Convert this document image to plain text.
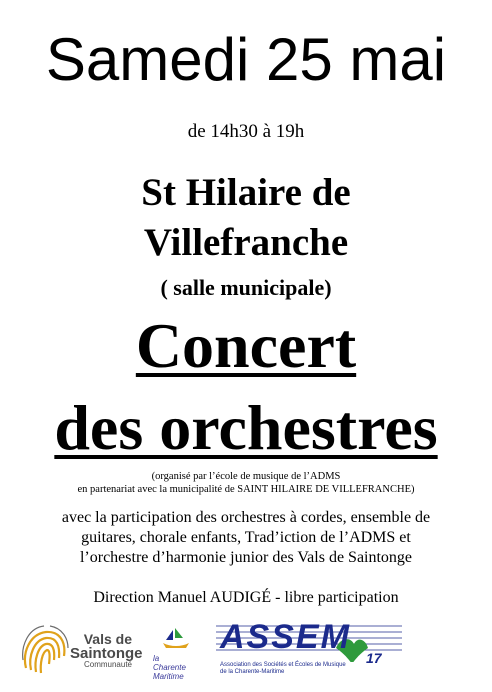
Samedi 25 mai
de 14h30 à 19h
St Hilaire de
Villefranche
( salle municipale)
Concert
des orchestres
(organisé par l’école de musique de l’ADMS
en partenariat avec la municipalité de SAINT HILAIRE DE VILLEFRANCHE)
avec la participation des orchestres à cordes, ensemble de
guitares, chorale enfants, Trad’iction de l’ADMS et
l’orchestre d’harmonie junior des Vals de Saintonge
Direction Manuel AUDIGÉ - libre participation
Vals de
Saintonge
Communauté
la
Charente
Maritime
ASSEM
17
Association des Sociétés et Écoles de Musique de la Charente-Maritime
